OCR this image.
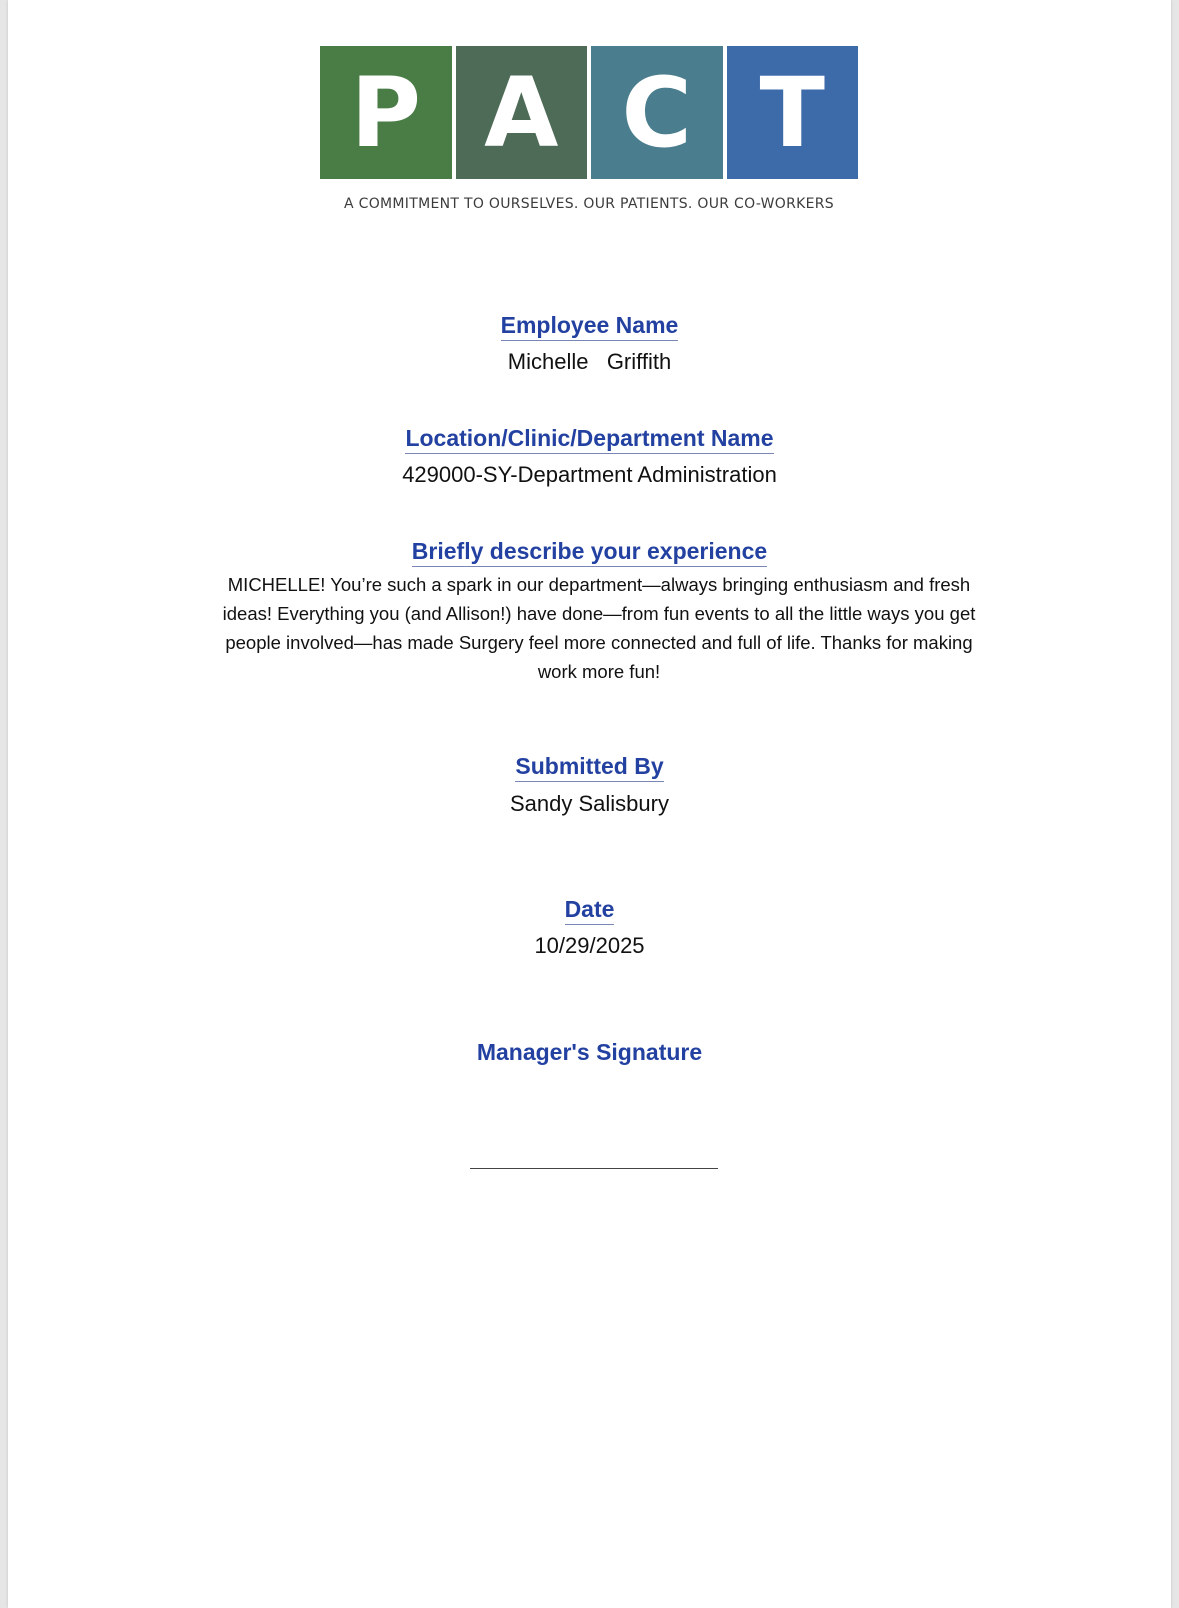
P A C T
A COMMITMENT TO OURSELVES. OUR PATIENTS. OUR CO-WORKERS
Employee Name
Michelle   Griffith
Location/Clinic/Department Name
429000-SY-Department Administration
Briefly describe your experience
MICHELLE! You’re such a spark in our department—always bringing enthusiasm and fresh ideas! Everything you (and Allison!) have done—from fun events to all the little ways you get people involved—has made Surgery feel more connected and full of life. Thanks for making work more fun!
Submitted By
Sandy Salisbury
Date
10/29/2025
Manager's Signature
